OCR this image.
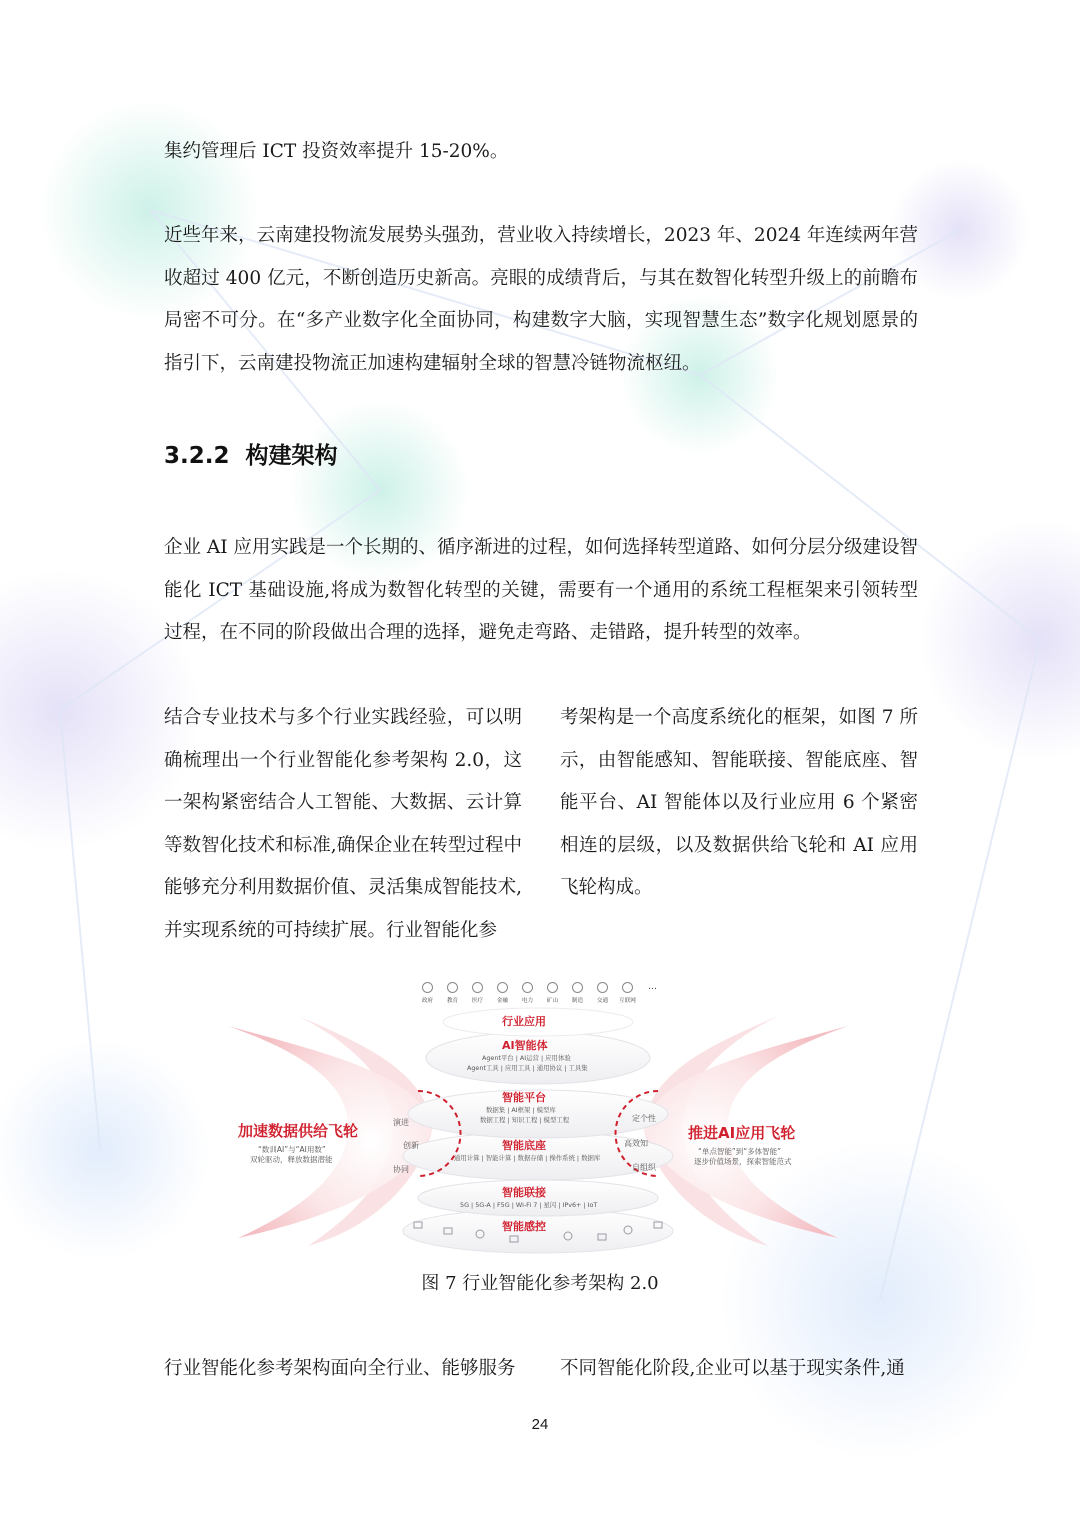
集约管理后 ICT 投资效率提升 15-20%。

近些年来，云南建投物流发展势头强劲，营业收入持续增长，2023 年、2024 年连续两年营收超过 400 亿元，不断创造历史新高。亮眼的成绩背后，与其在数智化转型升级上的前瞻布局密不可分。在“多产业数字化全面协同，构建数字大脑，实现智慧生态”数字化规划愿景的指引下，云南建投物流正加速构建辐射全球的智慧冷链物流枢纽。

3.2.2 构建架构

企业 AI 应用实践是一个长期的、循序渐进的过程，如何选择转型道路、如何分层分级建设智能化 ICT 基础设施,将成为数智化转型的关键，需要有一个通用的系统工程框架来引领转型过程，在不同的阶段做出合理的选择，避免走弯路、走错路，提升转型的效率。

结合专业技术与多个行业实践经验，可以明确梳理出一个行业智能化参考架构 2.0，这一架构紧密结合人工智能、大数据、云计算等数智化技术和标准,确保企业在转型过程中能够充分利用数据价值、灵活集成智能技术,并实现系统的可持续扩展。行业智能化参

考架构是一个高度系统化的框架，如图 7 所示，由智能感知、智能联接、智能底座、智能平台、AI 智能体以及行业应用 6 个紧密相连的层级，以及数据供给飞轮和 AI 应用飞轮构成。

政府 教育 医疗 金融 电力 矿山 制造 交通 互联网
…
行业应用
AI智能体
Agent平台 | AI运营 | 应用体验
Agent工具 | 应用工具 | 通用协议 | 工具集
智能平台
数据集 | AI框架 | 模型库
数据工程 | 知识工程 | 模型工程
智能底座
通用计算 | 智能计算 | 数据存储 | 操作系统 | 数据库
智能联接
5G | 5G-A | F5G | Wi-Fi 7 | 星闪 | IPv6+ | IoT
智能感控
加速数据供给飞轮
“数训AI”与“AI用数”
双轮驱动，释放数据潜能
演进
创新
协同
推进AI应用飞轮
“单点智能”到“多体智能”
逐步价值场景，探索智能范式
定个性
高效知
自组织
图 7 行业智能化参考架构 2.0

行业智能化参考架构面向全行业、能够服务 不同智能化阶段,企业可以基于现实条件,通

24
